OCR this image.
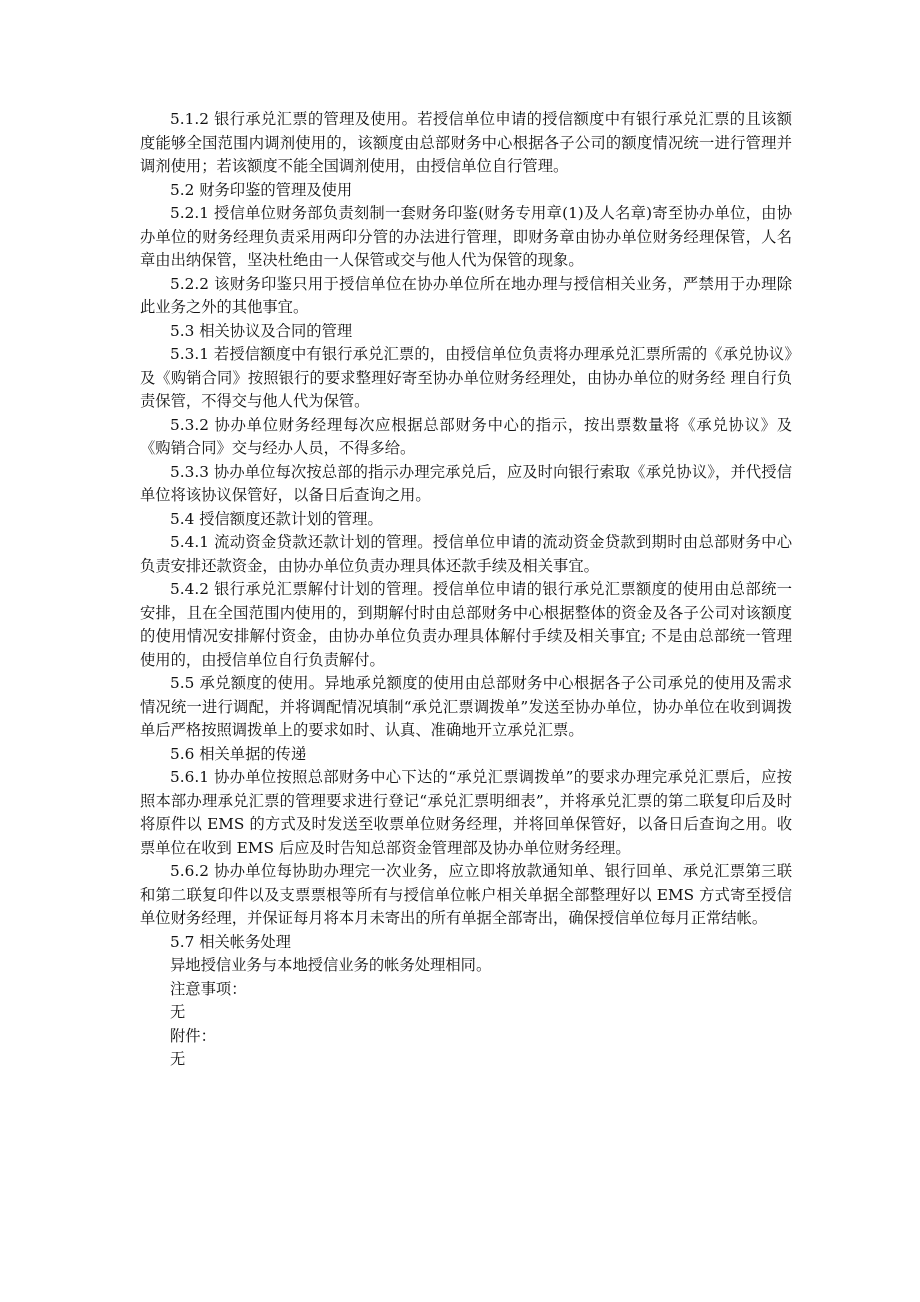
5.1.2 银行承兑汇票的管理及使用。若授信单位申请的授信额度中有银行承兑汇票的且该额度能够全国范围内调剂使用的，该额度由总部财务中心根据各子公司的额度情况统一进行管理并调剂使用；若该额度不能全国调剂使用，由授信单位自行管理。

5.2 财务印鉴的管理及使用

5.2.1 授信单位财务部负责刻制一套财务印鉴(财务专用章(1)及人名章)寄至协办单位，由协办单位的财务经理负责采用两印分管的办法进行管理，即财务章由协办单位财务经理保管，人名章由出纳保管，坚决杜绝由一人保管或交与他人代为保管的现象。

5.2.2 该财务印鉴只用于授信单位在协办单位所在地办理与授信相关业务，严禁用于办理除此业务之外的其他事宜。

5.3 相关协议及合同的管理

5.3.1 若授信额度中有银行承兑汇票的，由授信单位负责将办理承兑汇票所需的《承兑协议》及《购销合同》按照银行的要求整理好寄至协办单位财务经理处，由协办单位的财务经 理自行负责保管，不得交与他人代为保管。

5.3.2 协办单位财务经理每次应根据总部财务中心的指示，按出票数量将《承兑协议》及《购销合同》交与经办人员，不得多给。

5.3.3 协办单位每次按总部的指示办理完承兑后，应及时向银行索取《承兑协议》，并代授信单位将该协议保管好，以备日后查询之用。

5.4 授信额度还款计划的管理。

5.4.1 流动资金贷款还款计划的管理。授信单位申请的流动资金贷款到期时由总部财务中心负责安排还款资金，由协办单位负责办理具体还款手续及相关事宜。

5.4.2 银行承兑汇票解付计划的管理。授信单位申请的银行承兑汇票额度的使用由总部统一安排，且在全国范围内使用的，到期解付时由总部财务中心根据整体的资金及各子公司对该额度的使用情况安排解付资金，由协办单位负责办理具体解付手续及相关事宜; 不是由总部统一管理使用的，由授信单位自行负责解付。

5.5 承兑额度的使用。异地承兑额度的使用由总部财务中心根据各子公司承兑的使用及需求情况统一进行调配，并将调配情况填制“承兑汇票调拨单”发送至协办单位，协办单位在收到调拨单后严格按照调拨单上的要求如时、认真、准确地开立承兑汇票。

5.6 相关单据的传递

5.6.1 协办单位按照总部财务中心下达的“承兑汇票调拨单”的要求办理完承兑汇票后，应按照本部办理承兑汇票的管理要求进行登记“承兑汇票明细表”，并将承兑汇票的第二联复印后及时将原件以 EMS 的方式及时发送至收票单位财务经理，并将回单保管好，以备日后查询之用。收票单位在收到 EMS 后应及时告知总部资金管理部及协办单位财务经理。

5.6.2 协办单位每协助办理完一次业务，应立即将放款通知单、银行回单、承兑汇票第三联和第二联复印件以及支票票根等所有与授信单位帐户相关单据全部整理好以 EMS 方式寄至授信单位财务经理，并保证每月将本月未寄出的所有单据全部寄出，确保授信单位每月正常结帐。

5.7 相关帐务处理

异地授信业务与本地授信业务的帐务处理相同。

注意事项：

无

附件：

无
